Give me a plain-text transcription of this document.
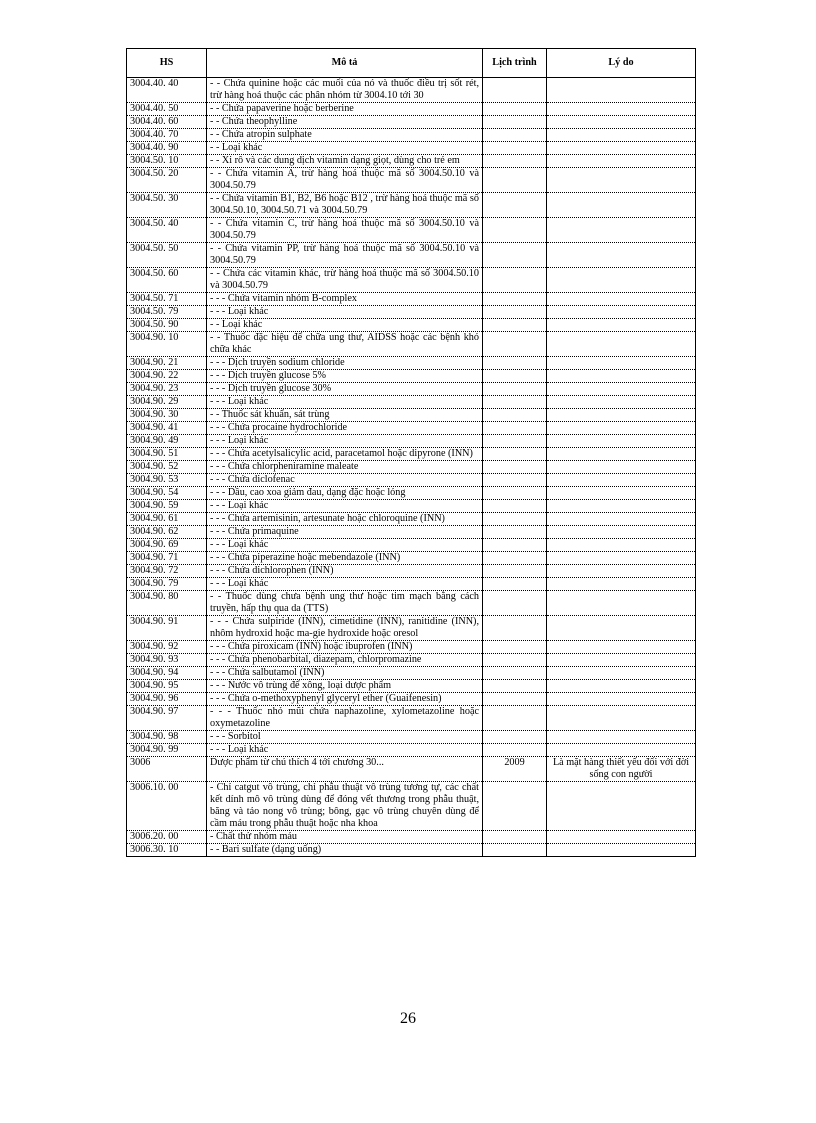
HS	Mô tả	Lịch trình	Lý do
3004.40. 40	- - Chứa quinine hoặc các muối của nó và thuốc điều trị sốt rét, trừ hàng hoá thuộc các phân nhóm từ 3004.10 tới 30		
3004.40. 50	- - Chứa papaverine hoặc berberine		
3004.40. 60	- - Chứa theophylline		
3004.40. 70	- - Chứa atropin sulphate		
3004.40. 90	- - Loại khác		
3004.50. 10	- - Xi rô và các dung dịch vitamin dạng giọt, dùng cho trẻ em		
3004.50. 20	- - Chứa vitamin A, trừ hàng hoá thuộc mã số 3004.50.10 và 3004.50.79		
3004.50. 30	- - Chứa vitamin B1, B2, B6 hoặc B12 , trừ hàng hoá thuộc mã số 3004.50.10, 3004.50.71 và 3004.50.79		
3004.50. 40	- - Chứa vitamin C, trừ hàng hoá thuộc mã số 3004.50.10 và 3004.50.79		
3004.50. 50	- - Chứa vitamin PP, trừ hàng hoá thuộc mã số 3004.50.10 và 3004.50.79		
3004.50. 60	- - Chứa các vitamin khác, trừ hàng hoá thuộc mã số 3004.50.10 và 3004.50.79		
3004.50. 71	- - - Chứa vitamin nhóm B-complex		
3004.50. 79	- - - Loại khác		
3004.50. 90	- - Loại khác		
3004.90. 10	- - Thuốc đặc hiệu để chữa ung thư, AIDSS hoặc các bệnh khó chữa khác		
3004.90. 21	- - - Dịch truyền sodium chloride		
3004.90. 22	- - - Dịch truyền glucose 5%		
3004.90. 23	- - - Dịch truyền glucose 30%		
3004.90. 29	- - - Loại khác		
3004.90. 30	- - Thuốc sát khuẩn, sát trùng		
3004.90. 41	- - - Chứa procaine hydrochloride		
3004.90. 49	- - - Loại khác		
3004.90. 51	- - - Chứa acetylsalicylic acid, paracetamol hoặc dipyrone (INN)		
3004.90. 52	- - - Chứa chlorpheniramine maleate		
3004.90. 53	- - - Chứa diclofenac		
3004.90. 54	- - - Dầu, cao xoa giảm đau, dạng đặc hoặc lỏng		
3004.90. 59	- - - Loại khác		
3004.90. 61	- - - Chứa artemisinin, artesunate hoặc chloroquine (INN)		
3004.90. 62	- - - Chứa primaquine		
3004.90. 69	- - - Loại khác		
3004.90. 71	- - - Chứa piperazine hoặc mebendazole (INN)		
3004.90. 72	- - - Chứa dichlorophen (INN)		
3004.90. 79	- - - Loại khác		
3004.90. 80	- - Thuốc dùng chưa bệnh ung thư hoặc tim mạch bằng cách truyền, hấp thụ qua da (TTS)		
3004.90. 91	- - - Chứa sulpiride (INN), cimetidine (INN), ranitidine (INN), nhôm hydroxid hoặc ma-gie hydroxide hoặc oresol		
3004.90. 92	- - - Chứa piroxicam (INN) hoặc ibuprofen (INN)		
3004.90. 93	- - - Chứa phenobarbital, diazepam, chlorpromazine		
3004.90. 94	- - - Chứa salbutamol (INN)		
3004.90. 95	- - - Nước vô trùng để xông, loại dược phẩm		
3004.90. 96	- - - Chứa o-methoxyphenyl glyceryl ether (Guaifenesin)		
3004.90. 97	- - - Thuốc nhỏ mũi chứa naphazoline, xylometazoline hoặc oxymetazoline		
3004.90. 98	- - - Sorbitol		
3004.90. 99	- - - Loại khác		
3006	Dược phẩm từ chú thích 4 tới chương 30...	2009	Là mặt hàng thiết yếu đối với đời sống con người
3006.10. 00	- Chỉ catgut vô trùng, chỉ phẫu thuật vô trùng tương tự, các chất kết dính mô vô trùng dùng để đóng vết thương trong phẫu thuật, băng và tảo nong vô trùng; bông, gạc vô trùng chuyên dùng để cầm máu trong phẫu thuật hoặc nha khoa		
3006.20. 00	- Chất thử nhóm máu		
3006.30. 10	- - Bari sulfate (dạng uống)		
26
